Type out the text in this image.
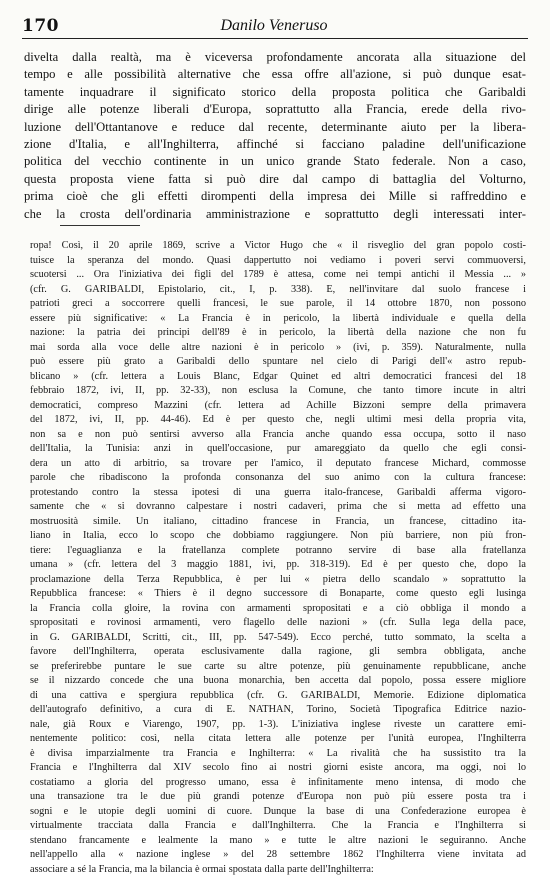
170	Danilo Veneruso
divelta dalla realtà, ma è viceversa profondamente ancorata alla situazione del
tempo e alle possibilità alternative che essa offre all'azione, si può dunque esat-
tamente inquadrare il significato storico della proposta politica che Garibaldi
dirige alle potenze liberali d'Europa, soprattutto alla Francia, erede della rivo-
luzione dell'Ottantanove e reduce dal recente, determinante aiuto per la libera-
zione d'Italia, e all'Inghilterra, affinché si facciano paladine dell'unificazione
politica del vecchio continente in un unico grande Stato federale. Non a caso,
questa proposta viene fatta si può dire dal campo di battaglia del Volturno,
prima cioè che gli effetti dirompenti della impresa dei Mille si raffreddino e
che la crosta dell'ordinaria amministrazione e soprattutto degli interessati inter-
ropa! Così, il 20 aprile 1869, scrive a Victor Hugo che « il risveglio del gran popolo costi-
tuisce la speranza del mondo. Quasi dappertutto noi vediamo i poveri servi commuoversi,
scuotersi ... Ora l'iniziativa dei figli del 1789 è attesa, come nei tempi antichi il Messia ... »
(cfr. G. GARIBALDI, Epistolario, cit., I, p. 338). E, nell'invitare dal suolo francese i
patrioti greci a soccorrere quelli francesi, le sue parole, il 14 ottobre 1870, non possono
essere più significative: « La Francia è in pericolo, la libertà individuale e quella della
nazione: la patria dei principi dell'89 è in pericolo, la libertà della nazione che non fu
mai sorda alla voce delle altre nazioni è in pericolo » (ivi, p. 359). Naturalmente, nulla
può essere più grato a Garibaldi dello spuntare nel cielo di Parigi dell'« astro repub-
blicano » (cfr. lettera a Louis Blanc, Edgar Quinet ed altri democratici francesi del 18
febbraio 1872, ivi, II, pp. 32-33), non esclusa la Comune, che tanto timore incute in altri
democratici, compreso Mazzini (cfr. lettera ad Achille Bizzoni sempre della primavera
del 1872, ivi, II, pp. 44-46). Ed è per questo che, negli ultimi mesi della propria vita,
non sa e non può sentirsi avverso alla Francia anche quando essa occupa, sotto il naso
dell'Italia, la Tunisia: anzi in quell'occasione, pur amareggiato da quello che egli consi-
dera un atto di arbitrio, sa trovare per l'amico, il deputato francese Michard, commosse
parole che ribadiscono la profonda consonanza del suo animo con la cultura francese:
protestando contro la stessa ipotesi di una guerra italo-francese, Garibaldi afferma vigoro-
samente che « si dovranno calpestare i nostri cadaveri, prima che si metta ad effetto una
mostruosità simile. Un italiano, cittadino francese in Francia, un francese, cittadino ita-
liano in Italia, ecco lo scopo che dobbiamo raggiungere. Non più barriere, non più fron-
tiere: l'eguaglianza e la fratellanza complete potranno servire di base alla fratellanza
umana » (cfr. lettera del 3 maggio 1881, ivi, pp. 318-319). Ed è per questo che, dopo la
proclamazione della Terza Repubblica, è per lui « pietra dello scandalo » soprattutto la
Repubblica francese: « Thiers è il degno successore di Bonaparte, come questo egli lusinga
la Francia colla gloire, la rovina con armamenti spropositati e a ciò obbliga il mondo a
spropositati e rovinosi armamenti, vero flagello delle nazioni » (cfr. Sulla lega della pace,
in G. GARIBALDI, Scritti, cit., III, pp. 547-549). Ecco perché, tutto sommato, la scelta a
favore dell'Inghilterra, operata esclusivamente dalla ragione, gli sembra obbligata, anche
se preferirebbe puntare le sue carte su altre potenze, più genuinamente repubblicane, anche
se il nizzardo concede che una buona monarchia, ben accetta dal popolo, possa essere migliore
di una cattiva e spergiura repubblica (cfr. G. GARIBALDI, Memorie. Edizione diplomatica
dell'autografo definitivo, a cura di E. NATHAN, Torino, Società Tipografica Editrice nazio-
nale, già Roux e Viarengo, 1907, pp. 1-3). L'iniziativa inglese riveste un carattere emi-
nentemente politico: così, nella citata lettera alle potenze per l'unità europea, l'Inghilterra
è divisa imparzialmente tra Francia e Inghilterra: « La rivalità che ha sussistito tra la
Francia e l'Inghilterra dal XIV secolo fino ai nostri giorni esiste ancora, ma oggi, noi lo
costatiamo a gloria del progresso umano, essa è infinitamente meno intensa, di modo che
una transazione tra le due più grandi potenze d'Europa non può più essere posta tra i
sogni e le utopie degli uomini di cuore. Dunque la base di una Confederazione europea è
virtualmente tracciata dalla Francia e dall'Inghilterra. Che la Francia e l'Inghilterra si
stendano francamente e lealmente la mano » e tutte le altre nazioni le seguiranno. Anche
nell'appello alla « nazione inglese » del 28 settembre 1862 l'Inghilterra viene invitata ad
associare a sé la Francia, ma la bilancia è ormai spostata dalla parte dell'Inghilterra:
